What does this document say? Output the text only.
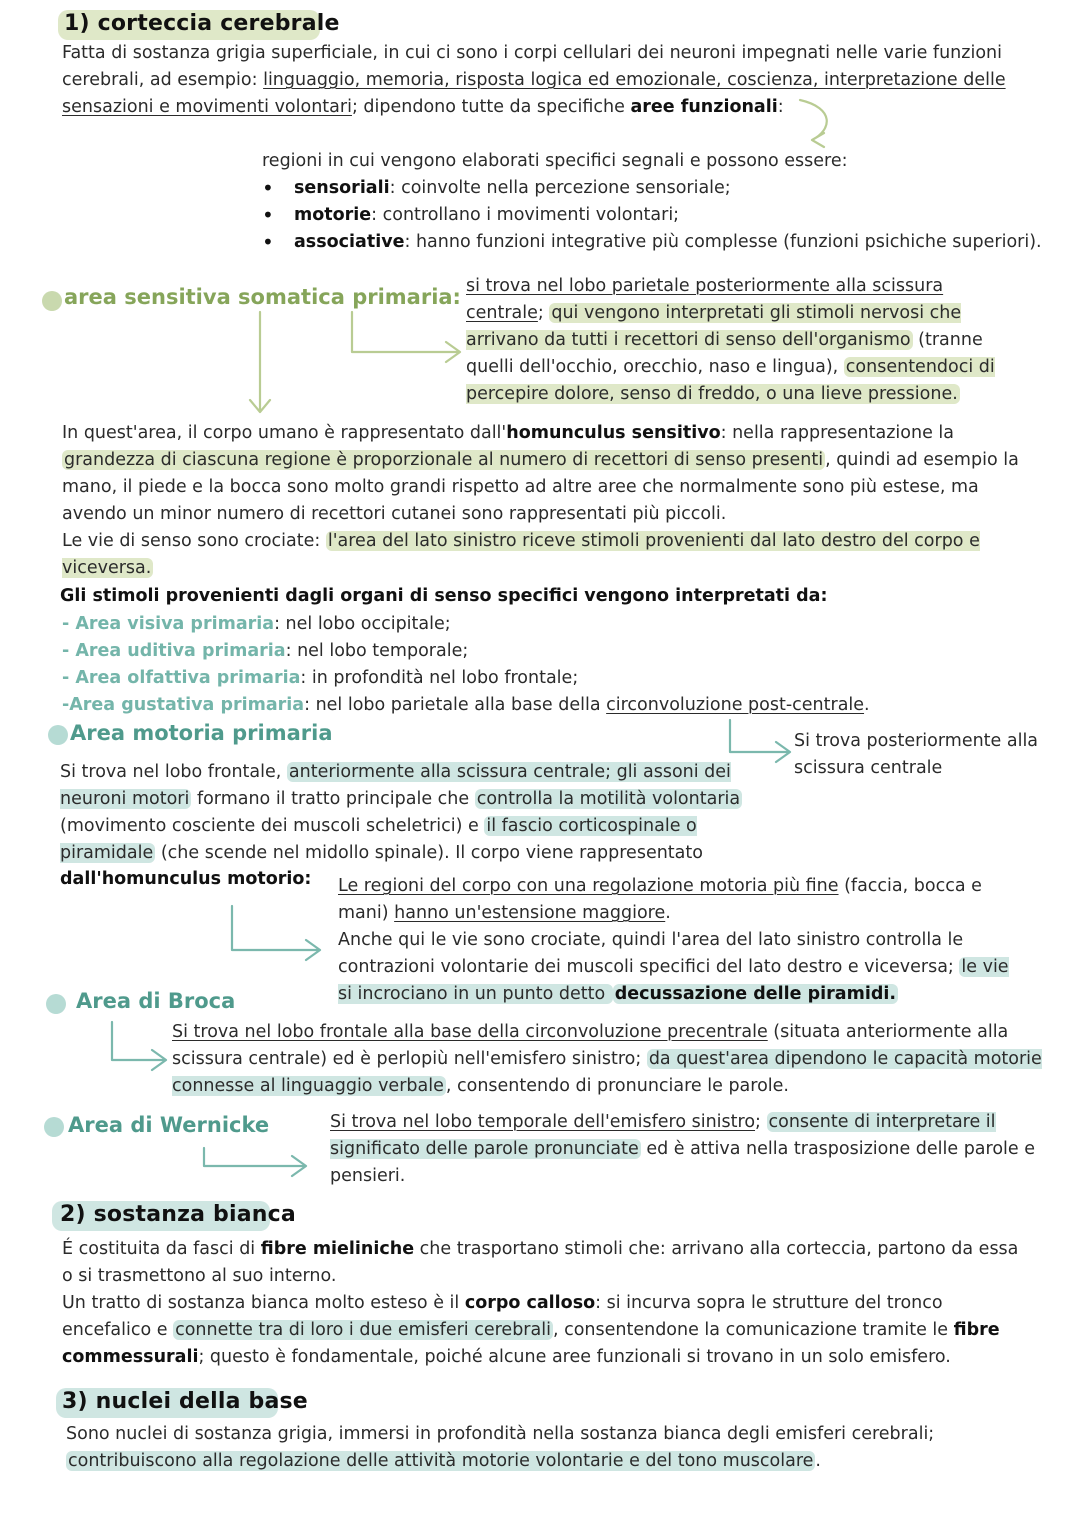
1) corteccia cerebrale

Fatta di sostanza grigia superficiale, in cui ci sono i corpi cellulari dei neuroni impegnati nelle varie funzioni cerebrali, ad esempio: linguaggio, memoria, risposta logica ed emozionale, coscienza, interpretazione delle sensazioni e movimenti volontari; dipendono tutte da specifiche aree funzionali:

regioni in cui vengono elaborati specifici segnali e possono essere:

• sensoriali: coinvolte nella percezione sensoriale;
• motorie: controllano i movimenti volontari;
• associative: hanno funzioni integrative più complesse (funzioni psichiche superiori).
area sensitiva somatica primaria: si trova nel lobo parietale posteriormente alla scissura centrale; qui vengono interpretati gli stimoli nervosi che arrivano da tutti i recettori di senso dell'organismo (tranne quelli dell'occhio, orecchio, naso e lingua), consentendoci di percepire dolore, senso di freddo, o una lieve pressione.

In quest'area, il corpo umano è rappresentato dall'homunculus sensitivo: nella rappresentazione la grandezza di ciascuna regione è proporzionale al numero di recettori di senso presenti , quindi ad esempio la mano, il piede e la bocca sono molto grandi rispetto ad altre aree che normalmente sono più estese, ma avendo un minor numero di recettori cutanei sono rappresentati più piccoli.
Le vie di senso sono crociate: l'area del lato sinistro riceve stimoli provenienti dal lato destro del corpo e viceversa.

Gli stimoli provenienti dagli organi di senso specifici vengono interpretati da:

- Area visiva primaria: nel lobo occipitale;
- Area uditiva primaria: nel lobo temporale;
- Area olfattiva primaria: in profondità nel lobo frontale;
-Area gustativa primaria: nel lobo parietale alla base della circonvoluzione post-centrale.
Area motoria primaria	Si trova posteriormente alla scissura centrale

Si trova nel lobo frontale, anteriormente alla scissura centrale; gli assoni dei neuroni motori formano il tratto principale che controlla la motilità volontaria (movimento cosciente dei muscoli scheletrici) e il fascio corticospinale o piramidale (che scende nel midollo spinale). Il corpo viene rappresentato

dall'homunculus motorio: Le regioni del corpo con una regolazione motoria più fine (faccia, bocca e mani) hanno un'estensione maggiore.
Anche qui le vie sono crociate, quindi l'area del lato sinistro controlla le contrazioni volontarie dei muscoli specifici del lato destro e viceversa; le vie si incrociano in un punto detto decussazione delle piramidi.

Area di Broca

Si trova nel lobo frontale alla base della circonvoluzione precentrale (situata anteriormente alla scissura centrale) ed è perlopiù nell'emisfero sinistro; da quest'area dipendono le capacità motorie connesse al linguaggio verbale , consentendo di pronunciare le parole.

Area di Wernicke	Si trova nel lobo temporale dell'emisfero sinistro; consente di interpretare il significato delle parole pronunciate ed è attiva nella trasposizione delle parole e pensieri.

2) sostanza bianca

É costituita da fasci di fibre mieliniche che trasportano stimoli che: arrivano alla corteccia, partono da essa o si trasmettono al suo interno.
Un tratto di sostanza bianca molto esteso è il corpo calloso: si incurva sopra le strutture del tronco encefalico e connette tra di loro i due emisferi cerebrali , consentendone la comunicazione tramite le fibre commessurali; questo è fondamentale, poiché alcune aree funzionali si trovano in un solo emisfero.

3) nuclei della base

Sono nuclei di sostanza grigia, immersi in profondità nella sostanza bianca degli emisferi cerebrali; contribuiscono alla regolazione delle attività motorie volontarie e del tono muscolare .
